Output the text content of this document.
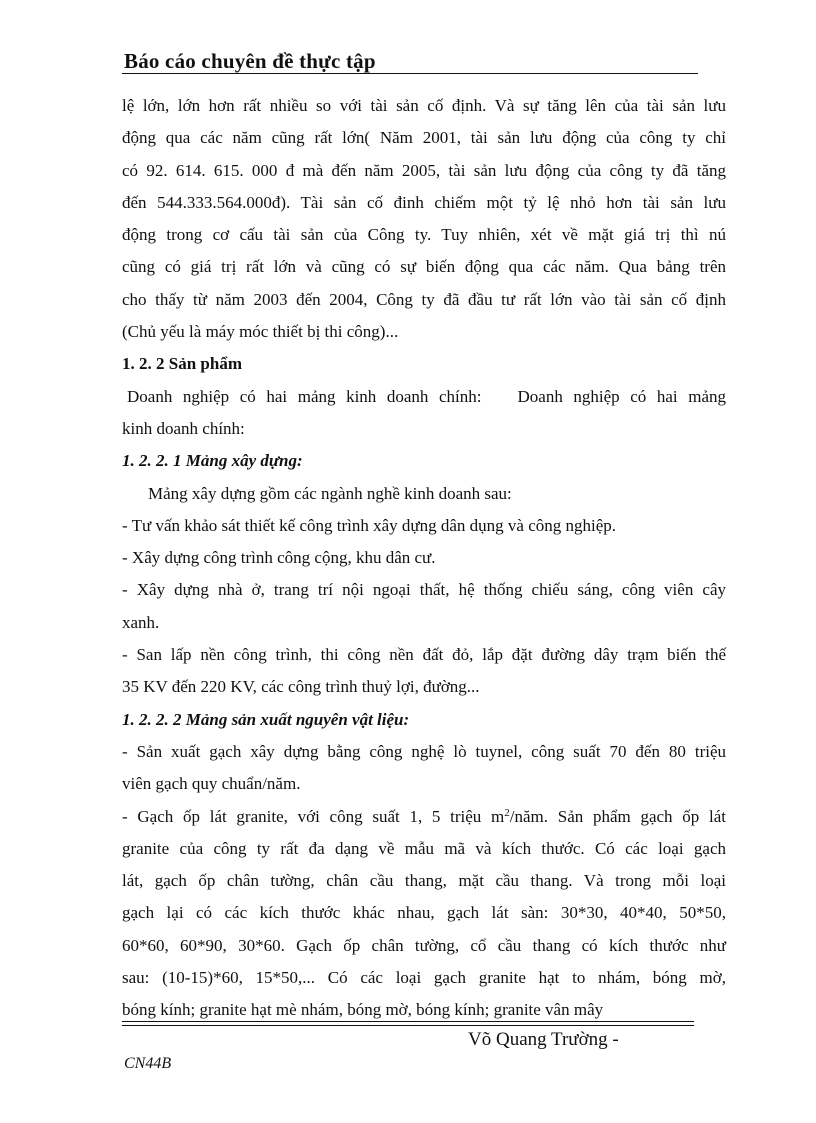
Báo cáo chuyên đề thực tập

lệ lớn, lớn hơn rất nhiều so với tài sản cố định. Và sự tăng lên của tài sản lưu

động qua các năm cũng rất lớn( Năm 2001, tài sản lưu động của công ty chỉ

có 92. 614. 615. 000 đ mà đến năm 2005, tài sản lưu động của công ty đã tăng

đến 544.333.564.000đ). Tài sản cố đinh chiếm một tỷ lệ nhỏ hơn tài sản lưu

động trong cơ cấu tài sản của Công ty. Tuy nhiên, xét về mặt giá trị thì nú

cũng có giá trị rất lớn và cũng có sự biến động qua các năm. Qua bảng trên

cho thấy từ năm 2003 đến 2004, Công ty đã đầu tư rất lớn vào tài sản cố định

(Chủ yếu là máy móc thiết bị thi công)...

1. 2. 2 Sản phẩm

Doanh nghiệp có hai mảng kinh doanh chính: Doanh nghiệp có hai mảng

kinh doanh chính:

1. 2. 2. 1 Mảng xây dựng:

Mảng xây dựng gồm các ngành nghề kinh doanh sau:

- Tư vấn khảo sát thiết kế công trình xây dựng dân dụng và công nghiệp.

- Xây dựng công trình công cộng, khu dân cư.

- Xây dựng nhà ở, trang trí nội ngoại thất, hệ thống chiếu sáng, công viên cây

xanh.

- San lấp nền công trình, thi công nền đất đỏ, lắp đặt đường dây trạm biến thế

35 KV đến 220 KV, các công trình thuỷ lợi, đường...

1. 2. 2. 2 Mảng sản xuất nguyên vật liệu:

- Sản xuất gạch xây dựng bằng công nghệ lò tuynel, công suất 70 đến 80 triệu

viên gạch quy chuẩn/năm.

- Gạch ốp lát granite, với công suất 1, 5 triệu $m^2$/năm. Sản phẩm gạch ốp lát

granite của công ty rất đa dạng về mẫu mã và kích thước. Có các loại gạch

lát, gạch ốp chân tường, chân cầu thang, mặt cầu thang. Và trong mỗi loại

gạch lại có các kích thước khác nhau, gạch lát sàn: 30*30, 40*40, 50*50,

60*60, 60*90, 30*60. Gạch ốp chân tường, cổ cầu thang có kích thước như

sau: (10-15)*60, 15*50,... Có các loại gạch granite hạt to nhám, bóng mờ,

bóng kính; granite hạt mè nhám, bóng mờ, bóng kính; granite vân mây

Võ Quang Trường -
CN44B
